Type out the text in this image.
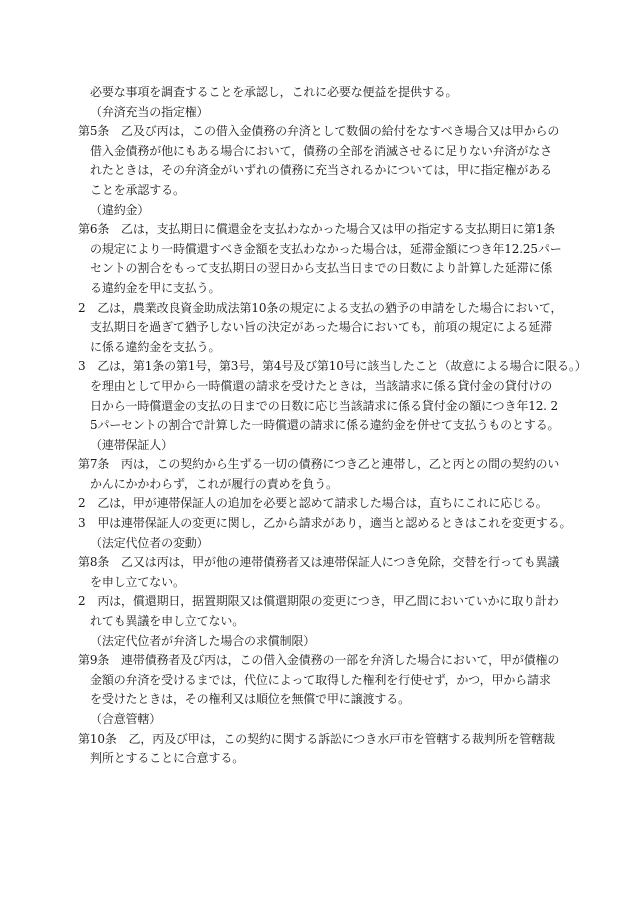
必要な事項を調査することを承認し，これに必要な便益を提供する。
（弁済充当の指定権）
第5条　乙及び丙は，この借入金債務の弁済として数個の給付をなすべき場合又は甲からの
借入金債務が他にもある場合において，債務の全部を消滅させるに足りない弁済がなさ
れたときは，その弁済金がいずれの債務に充当されるかについては，甲に指定権がある
ことを承認する。
（違約金）
第6条　乙は，支払期日に償還金を支払わなかった場合又は甲の指定する支払期日に第1条
の規定により一時償還すべき金額を支払わなかった場合は，延滞金額につき年12.25パー
セントの割合をもって支払期日の翌日から支払当日までの日数により計算した延滞に係
る違約金を甲に支払う。
2　乙は，農業改良資金助成法第10条の規定による支払の猶予の申請をした場合において，
支払期日を過ぎて猶予しない旨の決定があった場合においても，前項の規定による延滞
に係る違約金を支払う。
3　乙は，第1条の第1号，第3号，第4号及び第10号に該当したこと（故意による場合に限る。）
を理由として甲から一時償還の請求を受けたときは，当該請求に係る貸付金の貸付けの
日から一時償還金の支払の日までの日数に応じ当該請求に係る貸付金の額につき年12. 2
5パーセントの割合で計算した一時償還の請求に係る違約金を併せて支払うものとする。
（連帯保証人）
第7条　丙は，この契約から生ずる一切の債務につき乙と連帯し，乙と丙との間の契約のい
かんにかかわらず，これが履行の責めを負う。
2　乙は，甲が連帯保証人の追加を必要と認めて請求した場合は，直ちにこれに応じる。
3　甲は連帯保証人の変更に関し，乙から請求があり，適当と認めるときはこれを変更する。
（法定代位者の変動）
第8条　乙又は丙は，甲が他の連帯債務者又は連帯保証人につき免除，交替を行っても異議
を申し立てない。
2　丙は，償還期日，据置期限又は償還期限の変更につき，甲乙間においていかに取り計わ
れても異議を申し立てない。
（法定代位者が弁済した場合の求償制限）
第9条　連帯債務者及び丙は，この借入金債務の一部を弁済した場合において，甲が債権の
金額の弁済を受けるまでは，代位によって取得した権利を行使せず，かつ，甲から請求
を受けたときは，その権利又は順位を無償で甲に譲渡する。
（合意管轄）
第10条　乙，丙及び甲は，この契約に関する訴訟につき水戸市を管轄する裁判所を管轄裁
判所とすることに合意する。
